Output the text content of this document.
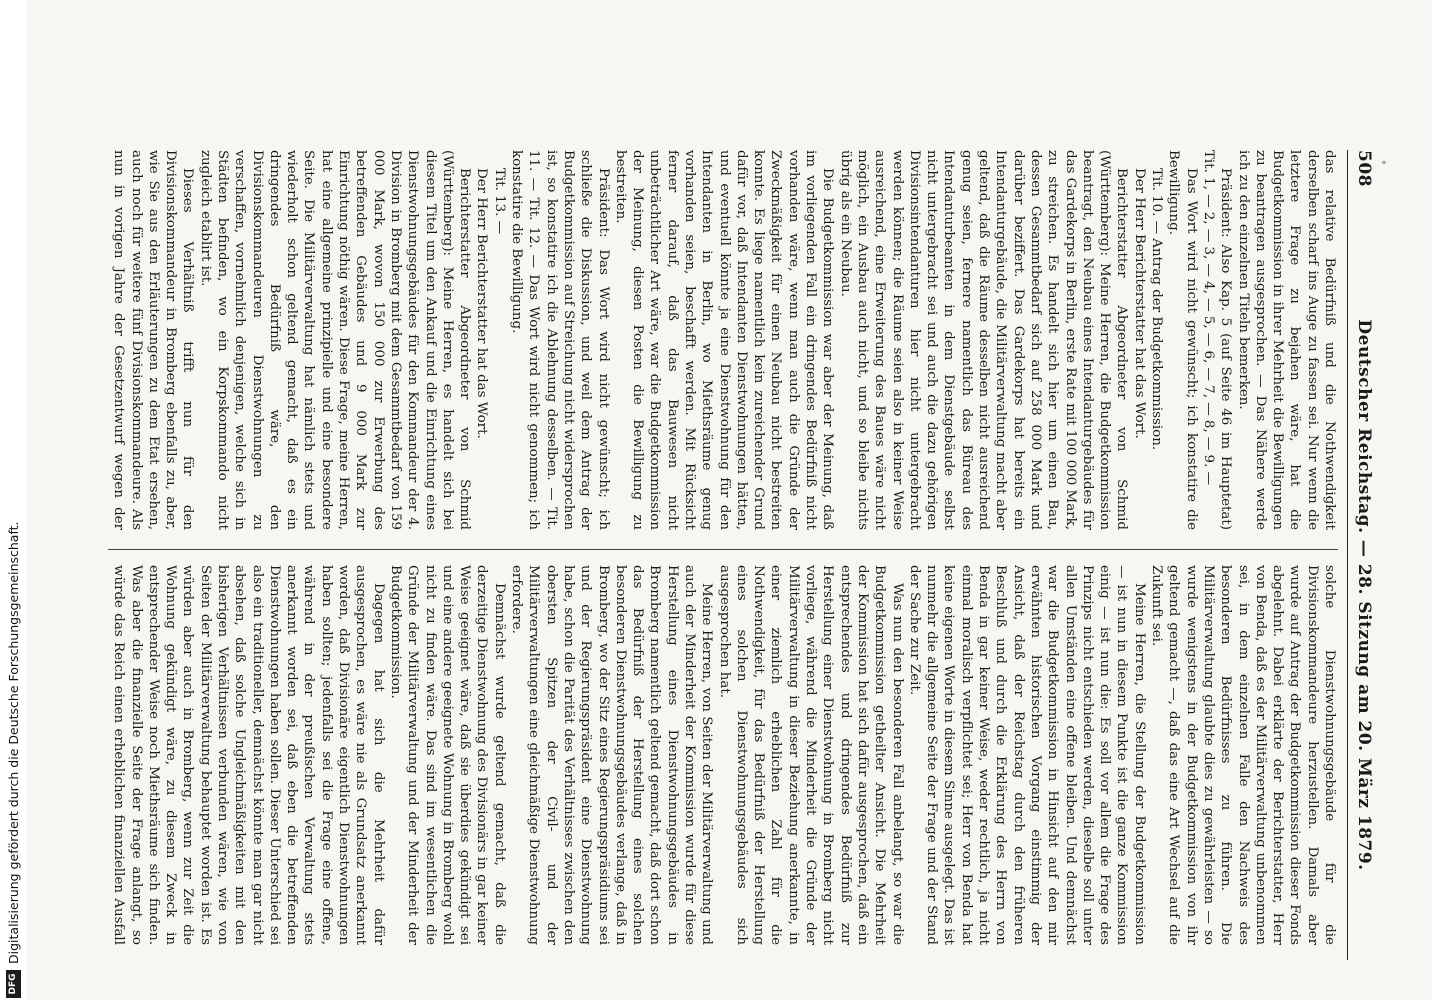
508
Deutscher Reichstag. — 28. Sitzung am 20. März 1879.

das relative Bedürfniß und die Nothwendigkeit derselben scharf ins Auge zu fassen sei. Nur wenn die letztere Frage zu bejahen wäre, hat die Budgetkommission in ihrer Mehrheit die Bewilligungen zu beantragen ausgesprochen. — Das Nähere werde ich zu den einzelnen Titeln bemerken.

Präsident: Also Kap. 5 (auf Seite 46 im Hauptetat) Tit. 1, — 2, — 3, — 4, — 5, — 6, — 7, — 8, — 9. —

Das Wort wird nicht gewünscht; ich konstatire die Bewilligung.

Tit. 10. — Antrag der Budgetkommission.

Der Herr Berichterstatter hat das Wort.

Berichterstatter Abgeordneter von Schmid (Württemberg): Meine Herren, die Budgetkommission beantragt, den Neubau eines Intendanturgebäudes für das Gardekorps in Berlin, erste Rate mit 100 000 Mark, zu streichen. Es handelt sich hier um einen Bau, dessen Gesammtbedarf sich auf 258 000 Mark und darüber beziffert. Das Gardekorps hat bereits ein Intendanturgebäude, die Militärverwaltung macht aber geltend, daß die Räume desselben nicht ausreichend genug seien, fernere namentlich das Büreau des Intendanturbeamten in dem Dienstgebäude selbst nicht untergebracht sei und auch die dazu gehörigen Divisionsintendanturen hier nicht untergebracht werden können; die Räume seien also in keiner Weise ausreichend, eine Erweiterung des Baues wäre nicht möglich, ein Ausbau auch nicht, und so bleibe nichts übrig als ein Neubau.

Die Budgetkommission war aber der Meinung, daß im vorliegenden Fall ein dringendes Bedürfniß nicht vorhanden wäre, wenn man auch die Gründe der Zweckmäßigkeit für einen Neubau nicht bestreiten konnte. Es liege namentlich kein zureichender Grund dafür vor, daß Intendanten Dienstwohnungen hätten, und eventuell könnte ja eine Dienstwohnung für den Intendanten in Berlin, wo Miethsräume genug vorhanden seien, beschafft werden. Mit Rücksicht ferner darauf, daß das Bauwesen nicht unbeträchtlicher Art wäre, war die Budgetkommission der Meinung, diesen Posten die Bewilligung zu bestreiten.

Präsident: Das Wort wird nicht gewünscht; ich schließe die Diskussion, und weil dem Antrag der Budgetkommission auf Streichung nicht widersprochen ist, so konstatire ich die Ablehnung desselben. — Tit. 11. — Tit. 12. — Das Wort wird nicht genommen; ich konstatire die Bewilligung.

Tit. 13. —

Der Herr Berichterstatter hat das Wort.

Berichterstatter Abgeordneter von Schmid (Württemberg): Meine Herren, es handelt sich bei diesem Titel um den Ankauf und die Einrichtung eines Dienstwohnungsgebäudes für den Kommandeur der 4. Division in Bromberg mit dem Gesammtbedarf von 159 000 Mark, wovon 150 000 zur Erwerbung des betreffenden Gebäudes und 9 000 Mark zur Einrichtung nöthig wären. Diese Frage, meine Herren, hat eine allgemeine prinzipielle und eine besondere Seite. Die Militärverwaltung hat nämlich stets und wiederholt schon geltend gemacht, daß es ein dringendes Bedürfniß wäre, den Divisionskommandeuren Dienstwohnungen zu verschaffen, vornehmlich denjenigen, welche sich in Städten befinden, wo ein Korpskommando nicht zugleich etablirt ist.

Dieses Verhältniß trifft nun für den Divisionskommandeur in Bromberg ebenfalls zu, aber, wie Sie aus den Erläuterungen zu dem Etat ersehen, auch noch für weitere fünf Divisionskommandeure. Als nun in vorigen Jahre der Gesetzentwurf wegen der

solche Dienstwohnungsgebäude für die Divisionskommandeure herzustellen. Damals aber wurde auf Antrag der Budgetkommission dieser Fonds abgelehnt. Dabei erklärte der Berichterstatter, Herr von Benda, daß es der Militärverwaltung unbenommen sei, in dem einzelnen Falle den Nachweis des besonderen Bedürfnisses zu führen. Die Militärverwaltung glaubte dies zu gewährleisten — so wurde wenigstens in der Budgetkommission von ihr geltend gemacht —, daß das eine Art Wechsel auf die Zukunft sei.

Meine Herren, die Stellung der Budgetkommission — ist nun in diesem Punkte ist die ganze Kommission einig — ist nun die: Es soll vor allem die Frage des Prinzips nicht entschieden werden, dieselbe soll unter allen Umständen eine offene bleiben. Und demnächst war die Budgetkommission in Hinsicht auf den mir erwähnten historischen Vorgang einstimmig der Ansicht, daß der Reichstag durch den früheren Beschluß und durch die Erklärung des Herrn von Benda in gar keiner Weise, weder rechtlich, ja nicht einmal moralisch verpflichtet sei; Herr von Benda hat keine eigenen Worte in diesem Sinne ausgelegt. Das ist nunmehr die allgemeine Seite der Frage und der Stand der Sache zur Zeit.

Was nun den besonderen Fall anbelangt, so war die Budgetkommission getheilter Ansicht. Die Mehrheit der Kommission hat sich dafür ausgesprochen, daß ein entsprechendes und dringendes Bedürfniß zur Herstellung einer Dienstwohnung in Bromberg nicht vorliege, während die Minderheit die Gründe der Militärverwaltung in dieser Beziehung anerkannte, in einer ziemlich erheblichen Zahl für die Nothwendigkeit, für das Bedürfniß der Herstellung eines solchen Dienstwohnungsgebäudes sich ausgesprochen hat.

Meine Herren, von Seiten der Militärverwaltung und auch der Minderheit der Kommission wurde für diese Herstellung eines Dienstwohnungsgebäudes in Bromberg namentlich geltend gemacht, daß dort schon das Bedürfniß der Herstellung eines solchen besonderen Dienstwohnungsgebäudes verlange, daß in Bromberg, wo der Sitz eines Regierungspräsidiums sei und der Regierungspräsident eine Dienstwohnung habe, schon die Parität des Verhältnisses zwischen den obersten Spitzen der Civil- und der Militärverwaltungen eine gleichmäßige Dienstwohnung erfordere.

Demnächst wurde geltend gemacht, daß die derzeitige Dienstwohnung des Divisionärs in gar keiner Weise geeignet wäre, daß sie überdies gekündigt sei und eine andere geeignete Wohnung in Bromberg wohl nicht zu finden wäre. Das sind im wesentlichen die Gründe der Militärverwaltung und der Minderheit der Budgetkommission.

Dagegen hat sich die Mehrheit dafür ausgesprochen, es wäre nie als Grundsatz anerkannt worden, daß Divisionäre eigentlich Dienstwohnungen haben sollten; jedenfalls sei die Frage eine offene, während in der preußischen Verwaltung stets anerkannt worden sei, daß eben die betreffenden Dienstwohnungen haben sollen. Dieser Unterschied sei also ein traditioneller, demnächst könnte man gar nicht absehen, daß solche Ungleichmäßigkeiten mit den bisherigen Verhältnissen verbunden wären, wie von Seiten der Militärverwaltung behauptet worden ist. Es würden aber auch in Bromberg, wenn zur Zeit die Wohnung gekündigt wäre, zu diesem Zweck in entsprechender Weise noch Miethsräume sich finden. Was aber die finanzielle Seite der Frage anlangt, so würde das Reich einen erheblichen finanziellen Ausfall

°
DFG
Digitalisierung gefördert durch die Deutsche Forschungsgemeinschaft.
